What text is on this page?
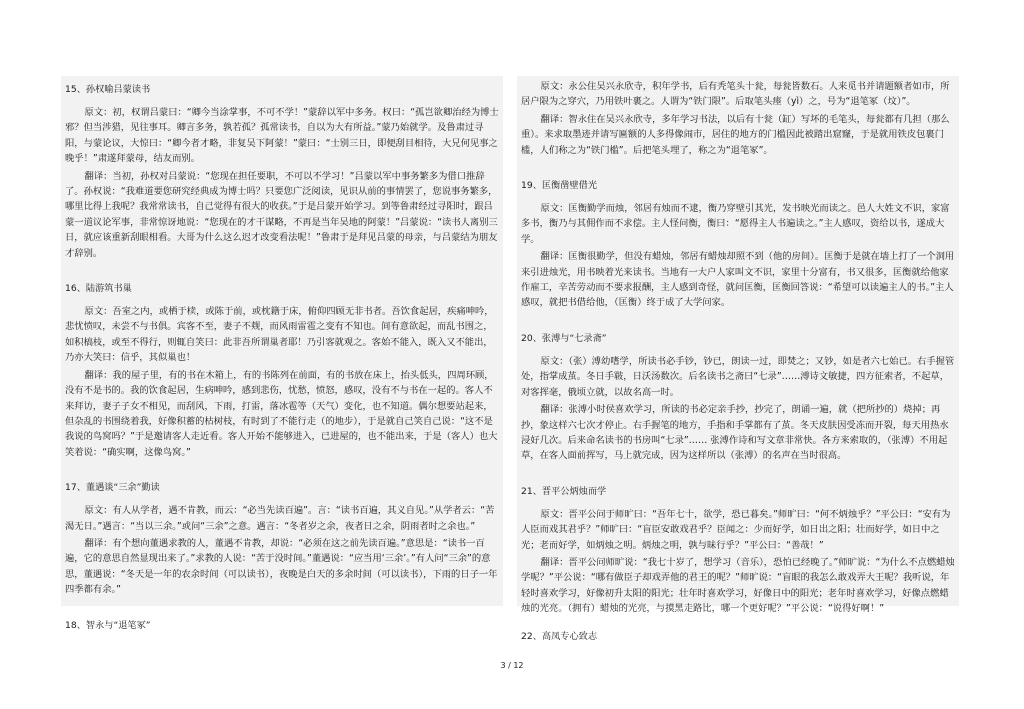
15、孙权喻吕蒙读书
原文：初，权谓吕蒙曰：“卿今当涂掌事，不可不学！”蒙辞以军中多务。权曰：“孤岂欲卿治经为博士邪？但当涉猎，见往事耳。卿言多务，孰若孤？孤常读书，自以为大有所益。”蒙乃始就学。及鲁肃过寻阳，与蒙论议，大惊曰：“卿今者才略，非复吴下阿蒙！”蒙曰：“士别三日，即便刮目相待，大兄何见事之晚乎！”肃遂拜蒙母，结友而别。
翻译：当初，孙权对吕蒙说：“您现在担任要职，不可以不学习！”吕蒙以军中事务繁多为借口推辞了。孙权说：“我难道要您研究经典成为博士吗？只要您广泛阅读，见识从前的事情罢了，您说事务繁多，哪里比得上我呢？我常常读书，自己觉得有很大的收获。”于是吕蒙开始学习。到等鲁肃经过寻阳时，跟吕蒙一道议论军事，非常惊讶地说：“您现在的才干谋略，不再是当年吴地的阿蒙！”吕蒙说：“读书人离别三日，就应该重新刮眼相看。大哥为什么这么迟才改变看法呢！”鲁肃于是拜见吕蒙的母亲，与吕蒙结为朋友才辞别。
16、陆游筑书巢
原文：吾室之内，或栖于椟，或陈于前，或枕籍于床，俯仰四顾无非书者。吾饮食起居，疾痛呻吟，悲忧愤叹，未尝不与书俱。宾客不至，妻子不觌，而风雨雷雹之变有不知也。间有意欲起，而乱书围之，如积槁枝，或至不得行，则辄自笑曰：此非吾所谓巢者耶！乃引客就观之。客始不能入，既入又不能出，乃亦大笑曰：信乎，其似巢也！
翻译：我的屋子里，有的书在木箱上，有的书陈列在前面，有的书放在床上，抬头低头，四周环顾，没有不是书的。我的饮食起居，生病呻吟，感到悲伤，忧愁，愤怒，感叹，没有不与书在一起的。客人不来拜访，妻子子女不相见，而刮风，下雨，打雷，落冰雹等（天气）变化，也不知道。偶尔想要站起来，但杂乱的书围绕着我，好像积蓄的枯树枝，有时到了不能行走（的地步），于是就自己笑自己说：“这不是我说的鸟窝吗？”于是邀请客人走近看。客人开始不能够进入，已进屋的，也不能出来，于是（客人）也大笑着说：“确实啊，这像鸟窝。”
17、董遇谈“三余”勤读
原文：有人从学者，遇不肯教，而云：“必当先读百遍”。言：“读书百遍，其义自见。”从学者云：“苦渴无日。”遇言：“当以三余。”或问“三余”之意。遇言：“冬者岁之余，夜者日之余，阴雨者时之余也。”
翻译：有个想向董遇求教的人，董遇不肯教，却说：“必须在这之前先读百遍。”意思是：“读书一百遍，它的意思自然显现出来了。”求教的人说：“苦于没时间。”董遇说：“应当用‘三余’。”有人问“三余”的意思，董遇说：“冬天是一年的农余时间（可以读书），夜晚是白天的多余时间（可以读书），下雨的日子一年四季都有余。”
18、智永与“退笔冢”
原文：永公住吴兴永欣寺，积年学书，后有秃笔头十瓮，每瓮皆数石。人来觅书并请题额者如市，所居户限为之穿穴，乃用铁叶裹之。人谓为“铁门限”。后取笔头瘗（yì）之，号为“退笔冢（坟）”。
翻译：智永住在吴兴永欣寺，多年学习书法，以后有十瓮（缸）写坏的毛笔头，每瓮都有几担（那么重）。来求取墨迹并请写匾额的人多得像闹市，居住的地方的门槛因此被踏出窟窿，于是就用铁皮包裹门槛，人们称之为“铁门槛”。后把笔头埋了，称之为“退笔冢”。
19、匡衡凿壁借光
原文：匡衡勤学而烛，邻居有烛而不逮，衡乃穿壁引其光，发书映光而读之。邑人大姓文不识，家富多书，衡乃与其佣作而不求偿。主人怪问衡，衡曰：“愿得主人书遍读之。”主人感叹，资给以书，遂成大学。
翻译：匡衡很勤学，但没有蜡烛，邻居有蜡烛却照不到（他的房间）。匡衡于是就在墙上打了一个洞用来引进烛光，用书映着光来读书。当地有一大户人家叫文不识，家里十分富有，书又很多，匡衡就给他家作雇工，辛苦劳动而不要求报酬，主人感到奇怪，就问匡衡，匡衡回答说：“希望可以读遍主人的书。”主人感叹，就把书借给他，（匡衡）终于成了大学问家。
20、张溥与“七录斋”
原文：（张）溥幼嗜学，所读书必手钞，钞已，朗读一过，即焚之；又钞，如是者六七始已。右手握管处，指掌成茧。冬日手皲，日沃汤数次。后名读书之斋曰“七录”……溥诗文敏捷，四方征索者，不起草，对客挥毫，俄顷立就，以故名高一时。
翻译：张溥小时侯喜欢学习，所读的书必定亲手抄，抄完了，朗诵一遍，就（把所抄的）烧掉；再抄，象这样六七次才停止。右手握笔的地方，手指和手掌都有了茧。冬天皮肤因受冻而开裂，每天用热水浸好几次。后来命名读书的书房叫“七录”…… 张溥作诗和写文章非常快。各方来索取的，（张溥）不用起草，在客人面前挥写，马上就完成，因为这样所以（张溥）的名声在当时很高。
21、晋平公炳烛而学
原文：晋平公问于师旷曰：“吾年七十，欲学，恐已暮矣。”师旷曰：“何不炳烛乎？”平公曰：“安有为人臣而戏其君乎？”师旷曰：“盲臣安敢戏君乎？臣闻之：少而好学，如日出之阳；壮而好学，如日中之光；老而好学，如炳烛之明。炳烛之明，孰与昧行乎？”平公曰：“善哉！”
翻译：晋平公问师旷说：“我七十岁了，想学习（音乐），恐怕已经晚了。”师旷说：“为什么不点燃蜡烛学呢？”平公说：“哪有做臣子却戏弄他的君王的呢？”师旷说：“盲眼的我怎么敢戏弄大王呢？我听说，年轻时喜欢学习，好像初升太阳的阳光；壮年时喜欢学习，好像日中的阳光；老年时喜欢学习，好像点燃蜡烛的光亮。（拥有）蜡烛的光亮，与摸黑走路比，哪一个更好呢？”平公说：“说得好啊！”
22、高凤专心致志
3 / 12
